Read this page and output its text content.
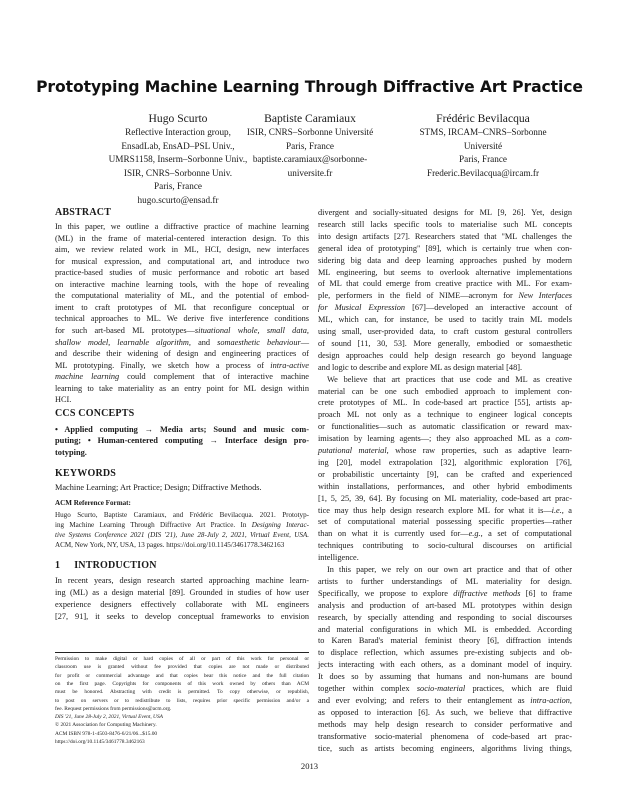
Prototyping Machine Learning Through Diffractive Art Practice
Hugo Scurto
Reflective Interaction group,
EnsadLab, EnsAD–PSL Univ.,
UMRS1158, Inserm–Sorbonne Univ.,
ISIR, CNRS–Sorbonne Univ.
Paris, France
hugo.scurto@ensad.fr
Baptiste Caramiaux
ISIR, CNRS–Sorbonne Université
Paris, France
baptiste.caramiaux@sorbonne-
universite.fr
Frédéric Bevilacqua
STMS, IRCAM–CNRS–Sorbonne
Université
Paris, France
Frederic.Bevilacqua@ircam.fr
ABSTRACT
In this paper, we outline a diffractive practice of machine learning
(ML) in the frame of material-centered interaction design. To this
aim, we review related work in ML, HCI, design, new interfaces
for musical expression, and computational art, and introduce two
practice-based studies of music performance and robotic art based
on interactive machine learning tools, with the hope of revealing
the computational materiality of ML, and the potential of embod-
iment to craft prototypes of ML that reconfigure conceptual or
technical approaches to ML. We derive five interference conditions
for such art-based ML prototypes—situational whole, small data,
shallow model, learnable algorithm, and somaesthetic behaviour—
and describe their widening of design and engineering practices of
ML prototyping. Finally, we sketch how a process of intra-active
machine learning could complement that of interactive machine
learning to take materiality as an entry point for ML design within
HCI.
CCS CONCEPTS
• Applied computing → Media arts; Sound and music com-
puting; • Human-centered computing → Interface design pro-
totyping.
KEYWORDS
Machine Learning; Art Practice; Design; Diffractive Methods.
ACM Reference Format:
Hugo Scurto, Baptiste Caramiaux, and Frédéric Bevilacqua. 2021. Prototyp-
ing Machine Learning Through Diffractive Art Practice. In Designing Interac-
tive Systems Conference 2021 (DIS '21), June 28-July 2, 2021, Virtual Event, USA.
ACM, New York, NY, USA, 13 pages. https://doi.org/10.1145/3461778.3462163
1 INTRODUCTION
In recent years, design research started approaching machine learn-
ing (ML) as a design material [89]. Grounded in studies of how user
experience designers effectively collaborate with ML engineers
[27, 91], it seeks to develop conceptual frameworks to envision
Permission to make digital or hard copies of all or part of this work for personal or
classroom use is granted without fee provided that copies are not made or distributed
for profit or commercial advantage and that copies bear this notice and the full citation
on the first page. Copyrights for components of this work owned by others than ACM
must be honored. Abstracting with credit is permitted. To copy otherwise, or republish,
to post on servers or to redistribute to lists, requires prior specific permission and/or a
fee. Request permissions from permissions@acm.org.
DIS '21, June 28-July 2, 2021, Virtual Event, USA
© 2021 Association for Computing Machinery.
ACM ISBN 978-1-4503-8476-6/21/06...$15.00
https://doi.org/10.1145/3461778.3462163
divergent and socially-situated designs for ML [9, 26]. Yet, design
research still lacks specific tools to materialise such ML concepts
into design artifacts [27]. Researchers stated that "ML challenges the
general idea of prototyping" [89], which is certainly true when con-
sidering big data and deep learning approaches pushed by modern
ML engineering, but seems to overlook alternative implementations
of ML that could emerge from creative practice with ML. For exam-
ple, performers in the field of NIME—acronym for New Interfaces
for Musical Expression [67]—developed an interactive account of
ML, which can, for instance, be used to tacitly train ML models
using small, user-provided data, to craft custom gestural controllers
of sound [11, 30, 53]. More generally, embodied or somaesthetic
design approaches could help design research go beyond language
and logic to describe and explore ML as design material [48].
We believe that art practices that use code and ML as creative
material can be one such embodied approach to implement con-
crete prototypes of ML. In code-based art practice [55], artists ap-
proach ML not only as a technique to engineer logical concepts
or functionalities—such as automatic classification or reward max-
imisation by learning agents—; they also approached ML as a com-
putational material, whose raw properties, such as adaptive learn-
ing [20], model extrapolation [32], algorithmic exploration [76],
or probabilistic uncertainty [9], can be crafted and experienced
within installations, performances, and other hybrid embodiments
[1, 5, 25, 39, 64]. By focusing on ML materiality, code-based art prac-
tice may thus help design research explore ML for what it is—i.e., a
set of computational material possessing specific properties—rather
than on what it is currently used for—e.g., a set of computational
techniques contributing to socio-cultural discourses on artificial
intelligence.
In this paper, we rely on our own art practice and that of other
artists to further understandings of ML materiality for design.
Specifically, we propose to explore diffractive methods [6] to frame
analysis and production of art-based ML prototypes within design
research, by specially attending and responding to social discourses
and material configurations in which ML is embedded. According
to Karen Barad's material feminist theory [6], diffraction intends
to displace reflection, which assumes pre-existing subjects and ob-
jects interacting with each others, as a dominant model of inquiry.
It does so by assuming that humans and non-humans are bound
together within complex socio-material practices, which are fluid
and ever evolving; and refers to their entanglement as intra-action,
as opposed to interaction [6]. As such, we believe that diffractive
methods may help design research to consider performative and
transformative socio-material phenomena of code-based art prac-
tice, such as artists becoming engineers, algorithms living things,
2013
